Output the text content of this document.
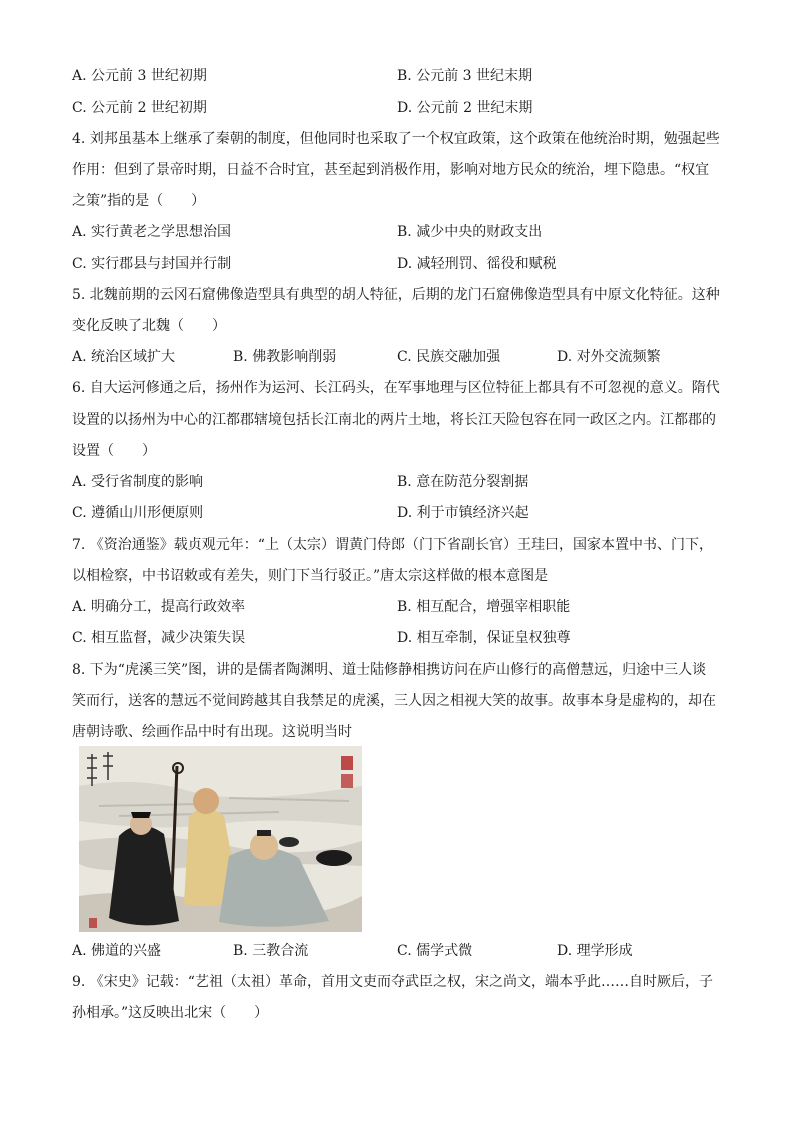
A. 公元前 3 世纪初期	B. 公元前 3 世纪末期
C. 公元前 2 世纪初期	D. 公元前 2 世纪末期
4. 刘邦虽基本上继承了秦朝的制度，但他同时也采取了一个权宜政策，这个政策在他统治时期，勉强起些
作用：但到了景帝时期，日益不合时宜，甚至起到消极作用，影响对地方民众的统治，埋下隐患。“权宜
之策”指的是（　　）
A. 实行黄老之学思想治国	B. 减少中央的财政支出
C. 实行郡县与封国并行制	D. 减轻刑罚、徭役和赋税
5. 北魏前期的云冈石窟佛像造型具有典型的胡人特征，后期的龙门石窟佛像造型具有中原文化特征。这种
变化反映了北魏（　　）
A. 统治区域扩大	B. 佛教影响削弱	C. 民族交融加强	D. 对外交流频繁
6. 自大运河修通之后，扬州作为运河、长江码头，在军事地理与区位特征上都具有不可忽视的意义。隋代
设置的以扬州为中心的江都郡辖境包括长江南北的两片土地，将长江天险包容在同一政区之内。江都郡的
设置（　　）
A. 受行省制度的影响	B. 意在防范分裂割据
C. 遵循山川形便原则	D. 利于市镇经济兴起
7. 《资治通鉴》载贞观元年：“上（太宗）谓黄门侍郎（门下省副长官）王珪曰，国家本置中书、门下，
以相检察，中书诏敕或有差失，则门下当行驳正。”唐太宗这样做的根本意图是
A. 明确分工，提高行政效率	B. 相互配合，增强宰相职能
C. 相互监督，减少决策失误	D. 相互牵制，保证皇权独尊
8. 下为“虎溪三笑”图，讲的是儒者陶渊明、道士陆修静相携访问在庐山修行的高僧慧远，归途中三人谈
笑而行，送客的慧远不觉间跨越其自我禁足的虎溪，三人因之相视大笑的故事。故事本身是虚构的，却在
唐朝诗歌、绘画作品中时有出现。这说明当时
A. 佛道的兴盛	B. 三教合流	C. 儒学式微	D. 理学形成
9. 《宋史》记载：“艺祖（太祖）革命，首用文吏而夺武臣之权，宋之尚文，端本乎此……自时厥后，子
孙相承。”这反映出北宋（　　）
